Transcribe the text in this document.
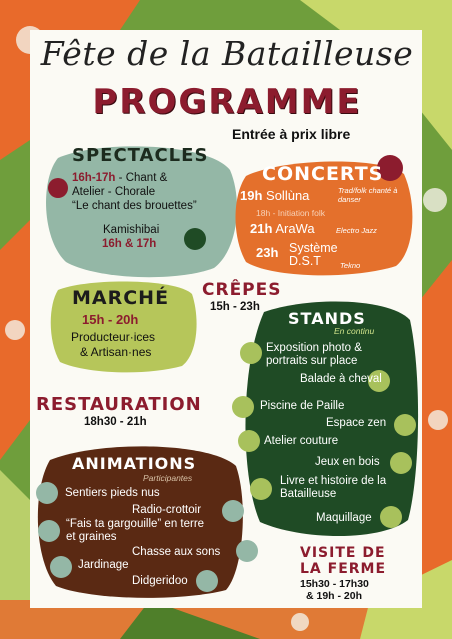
Fête de la Batailleuse
PROGRAMME
Entrée à prix libre
SPECTACLES
16h-17h - Chant &
Atelier - Chorale
“Le chant des brouettes”
Kamishibai
16h & 17h
CONCERTS
19h Sollùna	Trad/folk chanté à danser
18h - Initiation folk
21h AraWa	Electro Jazz
23h Système D.S.T	Tekno
MARCHÉ
15h - 20h
Producteur·ices
& Artisan·nes
CRÊPES
15h - 23h
STANDS
En continu
Exposition photo & portraits sur place
Balade à cheval
Piscine de Paille
Espace zen
Atelier couture
Jeux en bois
Livre et histoire de la Batailleuse
Maquillage
RESTAURATION
18h30 - 21h
ANIMATIONS
Participantes
Sentiers pieds nus
Radio-crottoir
“Fais ta gargouille” en terre et graines
Chasse aux sons
Jardinage
Didgeridoo
VISITE DE
LA FERME
15h30 - 17h30
& 19h - 20h
